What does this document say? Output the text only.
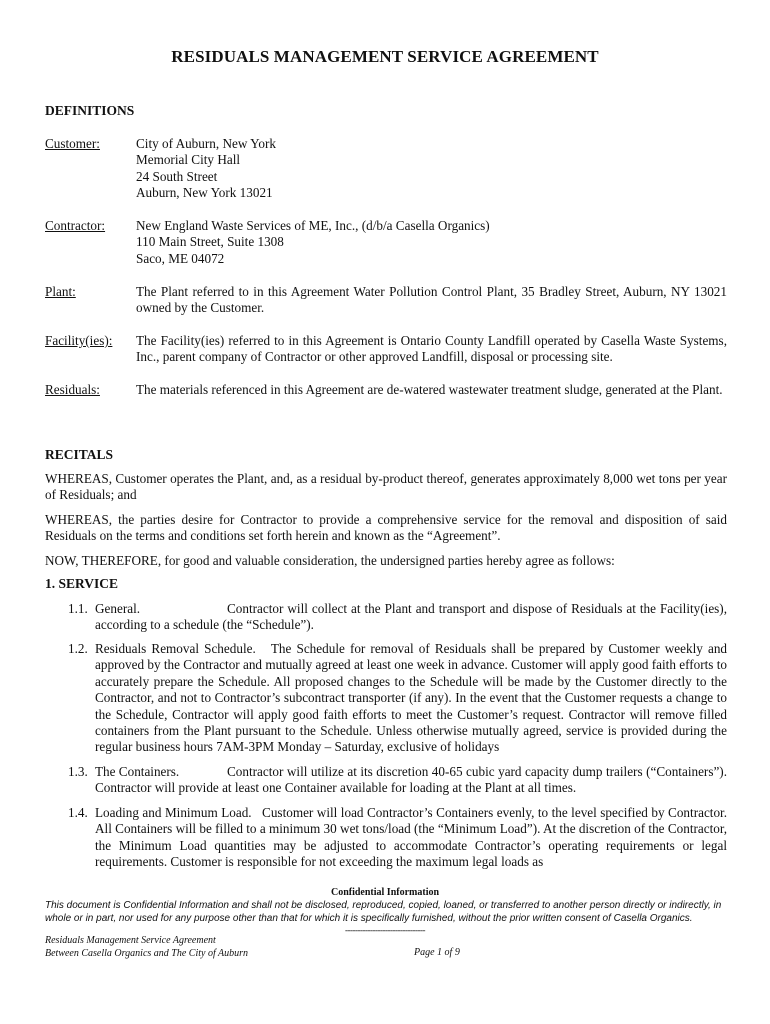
RESIDUALS MANAGEMENT SERVICE AGREEMENT
DEFINITIONS
Customer:	City of Auburn, New York
Memorial City Hall
24 South Street
Auburn, New York 13021
Contractor: New England Waste Services of ME, Inc., (d/b/a Casella Organics)
110 Main Street, Suite 1308
Saco, ME 04072
Plant:	The Plant referred to in this Agreement Water Pollution Control Plant, 35 Bradley Street, Auburn, NY 13021 owned by the Customer.
Facility(ies): The Facility(ies) referred to in this Agreement is Ontario County Landfill operated by Casella Waste Systems, Inc., parent company of Contractor or other approved Landfill, disposal or processing site.
Residuals:	The materials referenced in this Agreement are de-watered wastewater treatment sludge, generated at the Plant.
RECITALS
WHEREAS, Customer operates the Plant, and, as a residual by-product thereof, generates approximately 8,000 wet tons per year of Residuals; and
WHEREAS, the parties desire for Contractor to provide a comprehensive service for the removal and disposition of said Residuals on the terms and conditions set forth herein and known as the “Agreement”.
NOW, THEREFORE, for good and valuable consideration, the undersigned parties hereby agree as follows:
1. SERVICE
1.1. General.	Contractor will collect at the Plant and transport and dispose of Residuals at the Facility(ies), according to a schedule (the “Schedule”).
1.2. Residuals Removal Schedule. The Schedule for removal of Residuals shall be prepared by Customer weekly and approved by the Contractor and mutually agreed at least one week in advance. Customer will apply good faith efforts to accurately prepare the Schedule. All proposed changes to the Schedule will be made by the Customer directly to the Contractor, and not to Contractor’s subcontract transporter (if any). In the event that the Customer requests a change to the Schedule, Contractor will apply good faith efforts to meet the Customer’s request. Contractor will remove filled containers from the Plant pursuant to the Schedule. Unless otherwise mutually agreed, service is provided during the regular business hours 7AM-3PM Monday – Saturday, exclusive of holidays
1.3. The Containers.	Contractor will utilize at its discretion 40-65 cubic yard capacity dump trailers (“Containers”). Contractor will provide at least one Container available for loading at the Plant at all times.
1.4. Loading and Minimum Load. Customer will load Contractor’s Containers evenly, to the level specified by Contractor. All Containers will be filled to a minimum 30 wet tons/load (the “Minimum Load”). At the discretion of the Contractor, the Minimum Load quantities may be adjusted to accommodate Contractor’s operating requirements or legal requirements. Customer is responsible for not exceeding the maximum legal loads as
Confidential Information
This document is Confidential Information and shall not be disclosed, reproduced, copied, loaned, or transferred to another person directly or indirectly, in whole or in part, nor used for any purpose other than that for which it is specifically furnished, without the prior written consent of Casella Organics.
--------------------------------
Residuals Management Service Agreement
Between Casella Organics and The City of Auburn	Page 1 of 9
